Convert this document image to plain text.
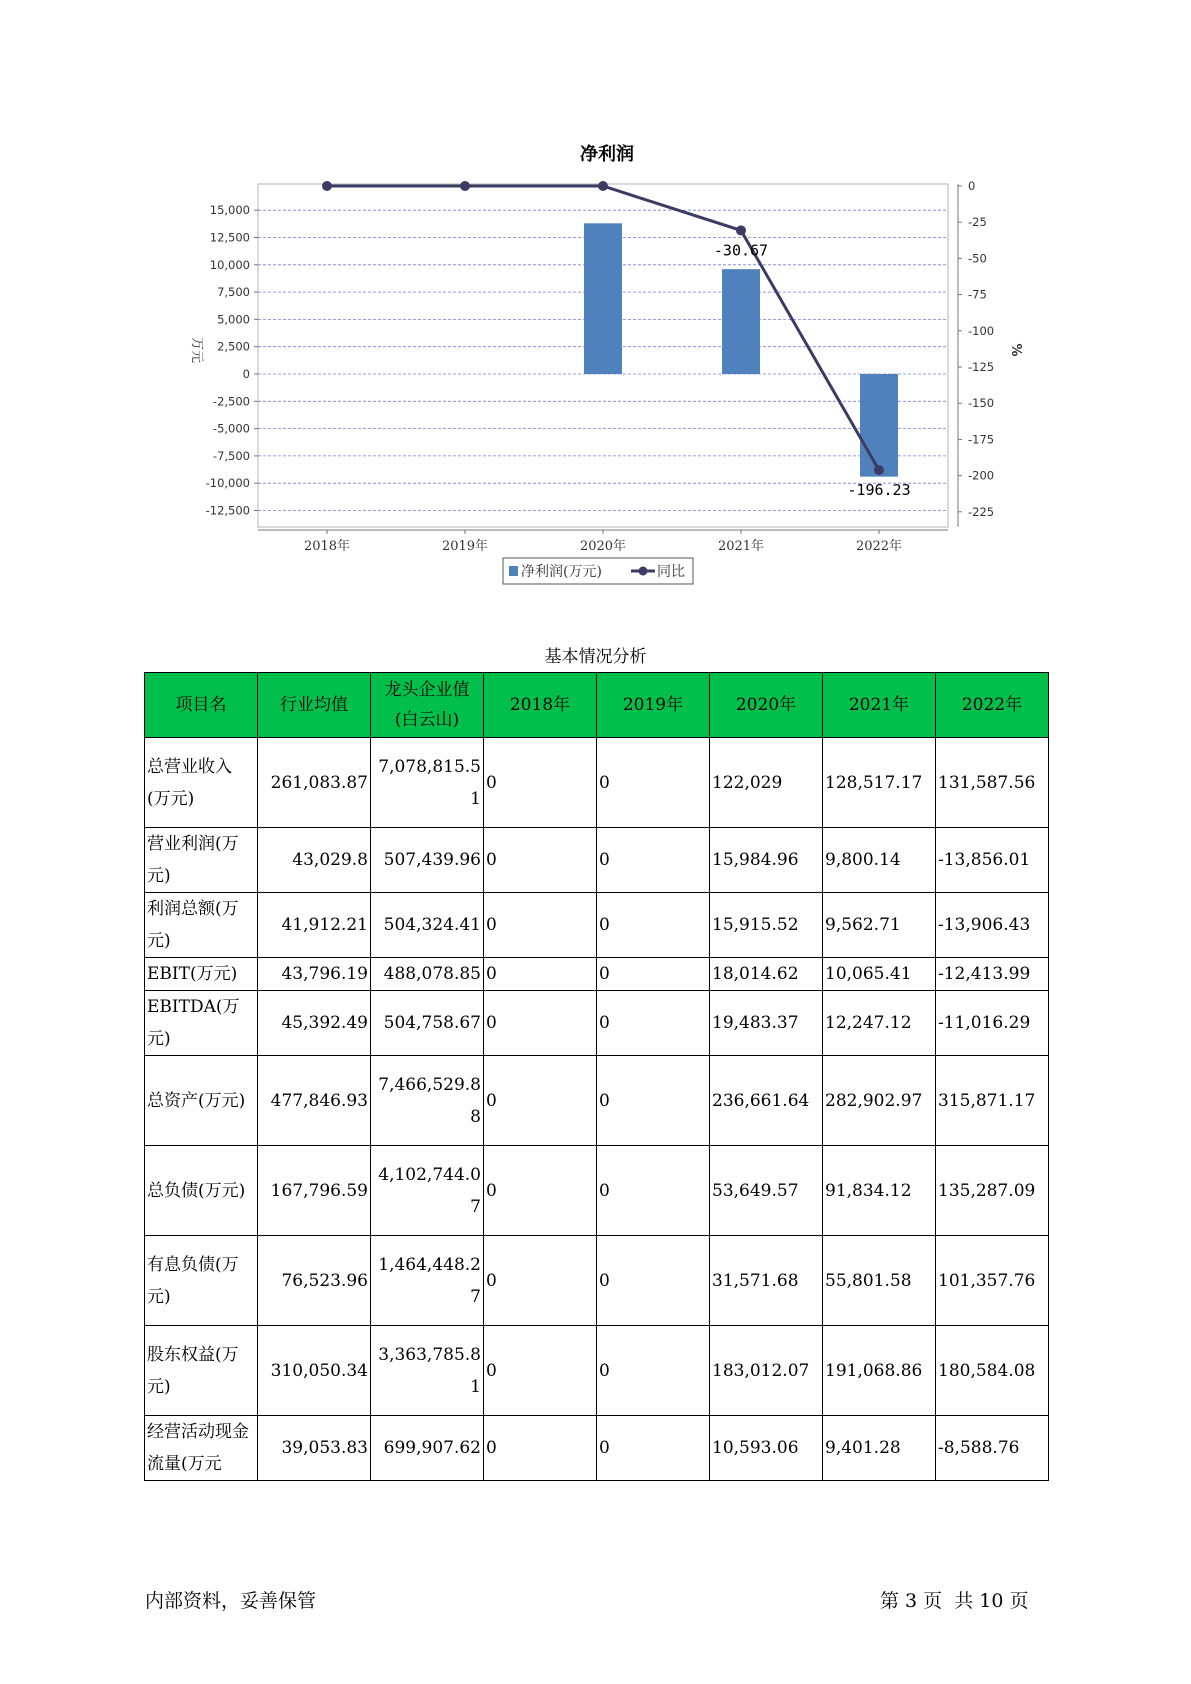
净利润
15,000
12,500
10,000
7,500
5,000
2,500
0
-2,500
-5,000
-7,500
-10,000
-12,500
0
-25
-50
-75
-100
-125
-150
-175
-200
-225
2018年	2019年	2020年	2021年	2022年
万元	%
-30.67
-196.23
净利润(万元)	同比
基本情况分析
项目名	行业均值	龙头企业值(白云山)	2018年	2019年	2020年	2021年	2022年
总营业收入(万元)	261,083.87	7,078,815.51	0	0	122,029	128,517.17	131,587.56
营业利润(万元)	43,029.8	507,439.96	0	0	15,984.96	9,800.14	-13,856.01
利润总额(万元)	41,912.21	504,324.41	0	0	15,915.52	9,562.71	-13,906.43
EBIT(万元)	43,796.19	488,078.85	0	0	18,014.62	10,065.41	-12,413.99
EBITDA(万元)	45,392.49	504,758.67	0	0	19,483.37	12,247.12	-11,016.29
总资产(万元)	477,846.93	7,466,529.88	0	0	236,661.64	282,902.97	315,871.17
总负债(万元)	167,796.59	4,102,744.07	0	0	53,649.57	91,834.12	135,287.09
有息负债(万元)	76,523.96	1,464,448.27	0	0	31,571.68	55,801.58	101,357.76
股东权益(万元)	310,050.34	3,363,785.81	0	0	183,012.07	191,068.86	180,584.08
经营活动现金流量(万元	39,053.83	699,907.62	0	0	10,593.06	9,401.28	-8,588.76
内部资料，妥善保管	第 3 页  共 10 页
